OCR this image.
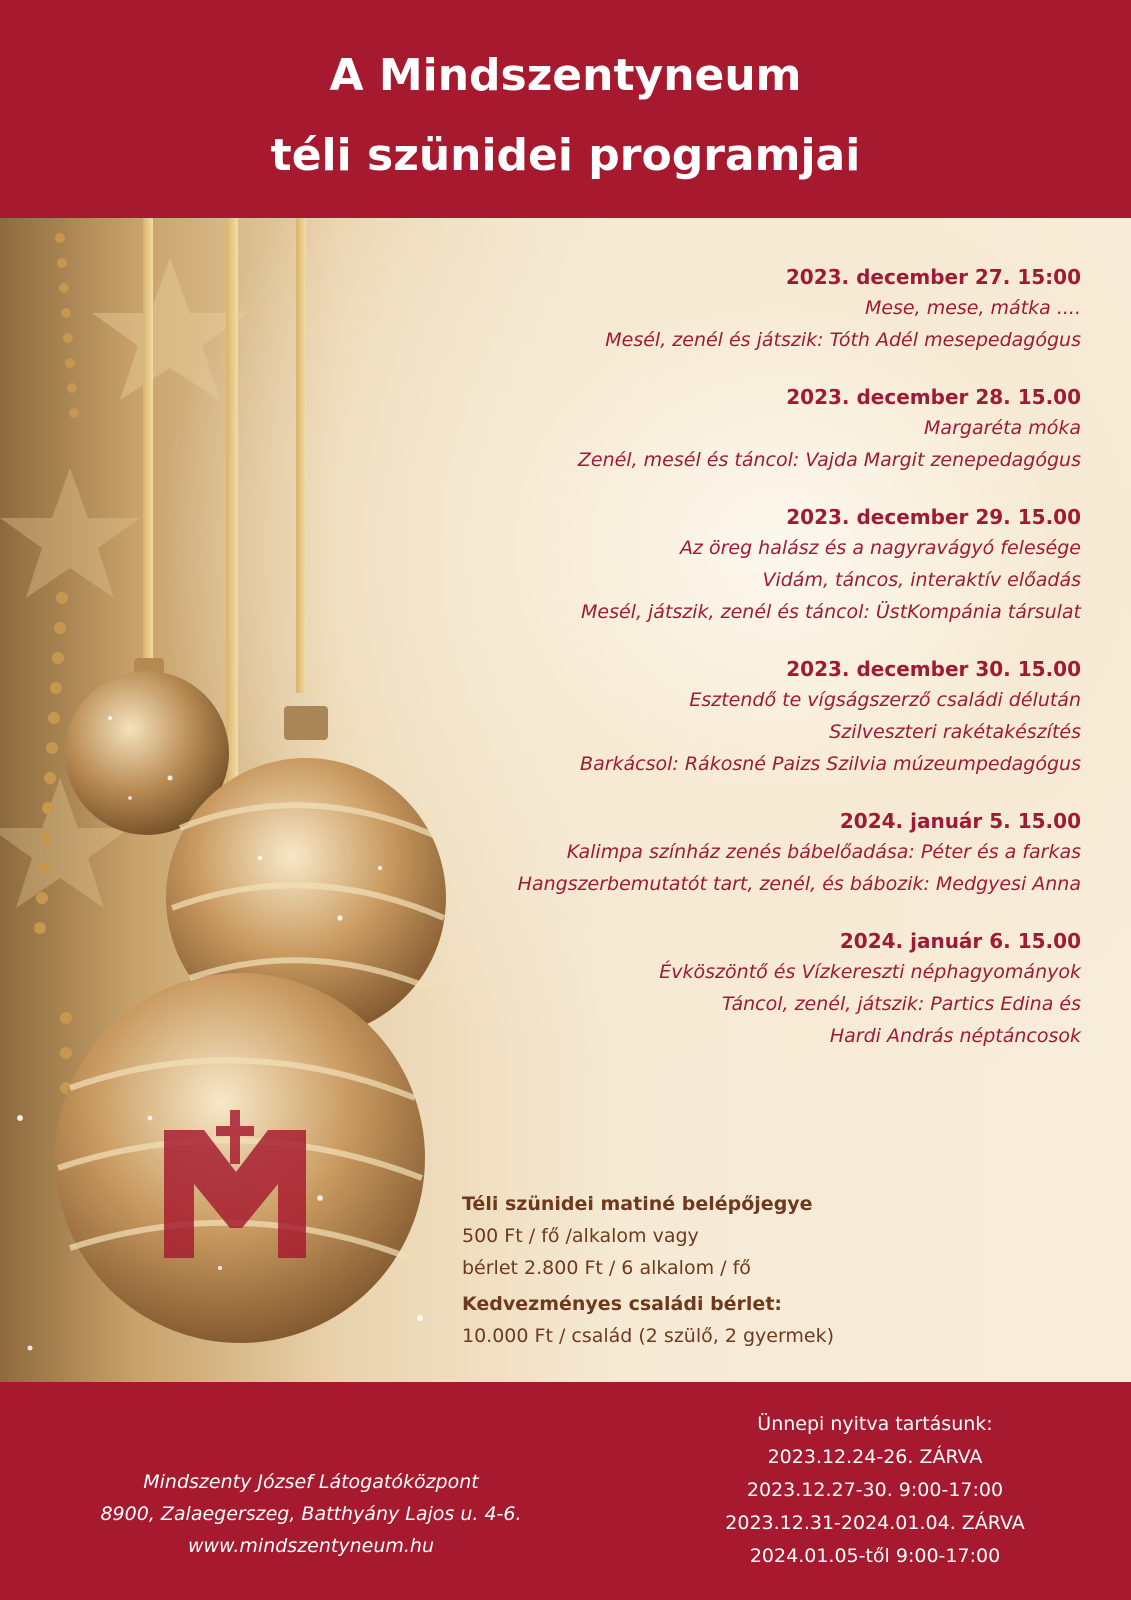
A Mindszentyneum
téli szünidei programjai
2023. december 27. 15:00
Mese, mese, mátka ....
Mesél, zenél és játszik: Tóth Adél mesepedagógus
2023. december 28. 15.00
Margaréta móka
Zenél, mesél és táncol: Vajda Margit zenepedagógus
2023. december 29. 15.00
Az öreg halász és a nagyravágyó felesége
Vidám, táncos, interaktív előadás
Mesél, játszik, zenél és táncol: ÜstKompánia társulat
2023. december 30. 15.00
Esztendő te vígságszerző családi délután
Szilveszteri rakétakészítés
Barkácsol: Rákosné Paizs Szilvia múzeumpedagógus
2024. január 5. 15.00
Kalimpa színház zenés bábelőadása: Péter és a farkas
Hangszerbemutatót tart, zenél, és bábozik: Medgyesi Anna
2024. január 6. 15.00
Évköszöntő és Vízkereszti néphagyományok
Táncol, zenél, játszik: Partics Edina és
Hardi András néptáncosok
Téli szünidei matiné belépőjegye
500 Ft / fő /alkalom vagy
bérlet 2.800 Ft / 6 alkalom / fő
Kedvezményes családi bérlet:
10.000 Ft / család (2 szülő, 2 gyermek)
Mindszenty József Látogatóközpont
8900, Zalaegerszeg, Batthyány Lajos u. 4-6.
www.mindszentyneum.hu
Ünnepi nyitva tartásunk:
2023.12.24-26. ZÁRVA
2023.12.27-30. 9:00-17:00
2023.12.31-2024.01.04. ZÁRVA
2024.01.05-től 9:00-17:00
